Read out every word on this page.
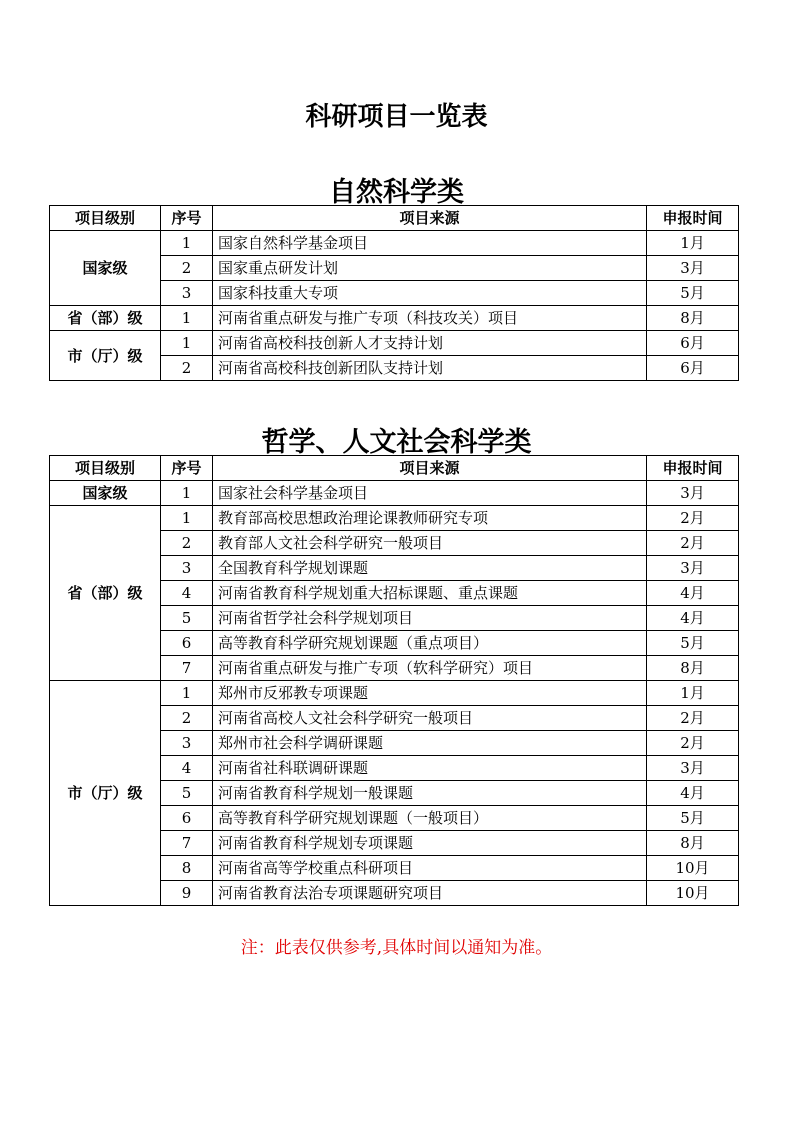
科研项目一览表
自然科学类
项目级别	序号	项目来源	申报时间
国家级	1	国家自然科学基金项目	1月
	2	国家重点研发计划	3月
	3	国家科技重大专项	5月
省（部）级	1	河南省重点研发与推广专项（科技攻关）项目	8月
市（厅）级	1	河南省高校科技创新人才支持计划	6月
	2	河南省高校科技创新团队支持计划	6月
哲学、人文社会科学类
项目级别	序号	项目来源	申报时间
国家级	1	国家社会科学基金项目	3月
省（部）级	1	教育部高校思想政治理论课教师研究专项	2月
	2	教育部人文社会科学研究一般项目	2月
	3	全国教育科学规划课题	3月
	4	河南省教育科学规划重大招标课题、重点课题	4月
	5	河南省哲学社会科学规划项目	4月
	6	高等教育科学研究规划课题（重点项目）	5月
	7	河南省重点研发与推广专项（软科学研究）项目	8月
市（厅）级	1	郑州市反邪教专项课题	1月
	2	河南省高校人文社会科学研究一般项目	2月
	3	郑州市社会科学调研课题	2月
	4	河南省社科联调研课题	3月
	5	河南省教育科学规划一般课题	4月
	6	高等教育科学研究规划课题（一般项目）	5月
	7	河南省教育科学规划专项课题	8月
	8	河南省高等学校重点科研项目	10月
	9	河南省教育法治专项课题研究项目	10月
注：此表仅供参考,具体时间以通知为准。
